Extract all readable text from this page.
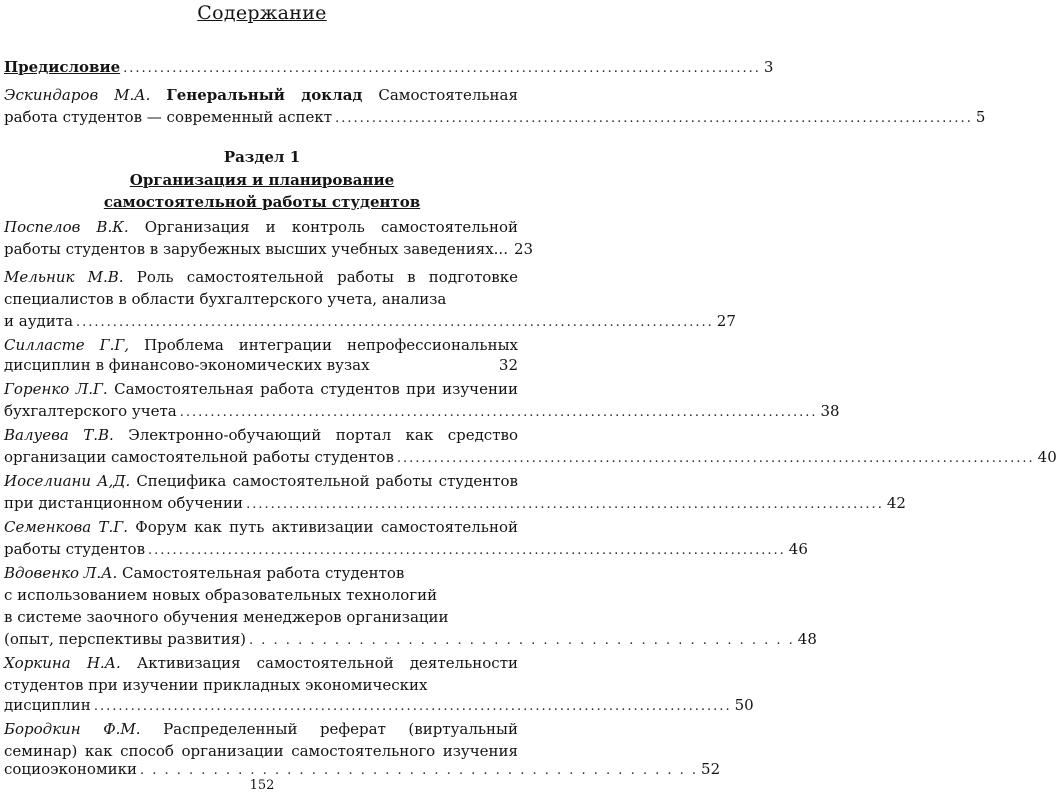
Содержание
Предисловие ........................................................................................................ 3
Эскиндаров М.А. Генеральный доклад Самостоятельная
работа студентов — современный аспект ........................................................................................................ 5
Раздел 1
Организация и планирование
самостоятельной работы студентов
Поспелов В.К. Организация и контроль самостоятельной
работы студентов в зарубежных высших учебных заведениях... 23
Мельник М.В. Роль самостоятельной работы в подготовке
специалистов в области бухгалтерского учета, анализа
и аудита ........................................................................................................ 27
Силласте Г.Г, Проблема интеграции непрофессиональных
дисциплин в финансово-экономических вузах	32
Горенко Л.Г. Самостоятельная работа студентов при изучении
бухгалтерского учета ........................................................................................................ 38
Валуева Т.В. Электронно-обучающий портал как средство
организации самостоятельной работы студентов ........................................................................................................ 40
Иоселиани А,Д. Специфика самостоятельной работы студентов
при дистанционном обучении ........................................................................................................ 42
Семенкова Т.Г. Форум как путь активизации самостоятельной
работы студентов ........................................................................................................ 46
Вдовенко Л.А. Самостоятельная работа студентов
с использованием новых образовательных технологий
в системе заочного обучения менеджеров организации
(опыт, перспективы развития) . . . . . . . . . . . . . . . . . . . . . . . . . . . . . . . . . . . . . . . . . . . . . 48
Хоркина Н.А. Активизация самостоятельной деятельности
студентов при изучении прикладных экономических
дисциплин ........................................................................................................ 50
Бородкин Ф.М. Распределенный реферат (виртуальный
семинар) как способ организации самостоятельного изучения
социоэкономики . . . . . . . . . . . . . . . . . . . . . . . . . . . . . . . . . . . . . . . . . . . . . . 52
152
